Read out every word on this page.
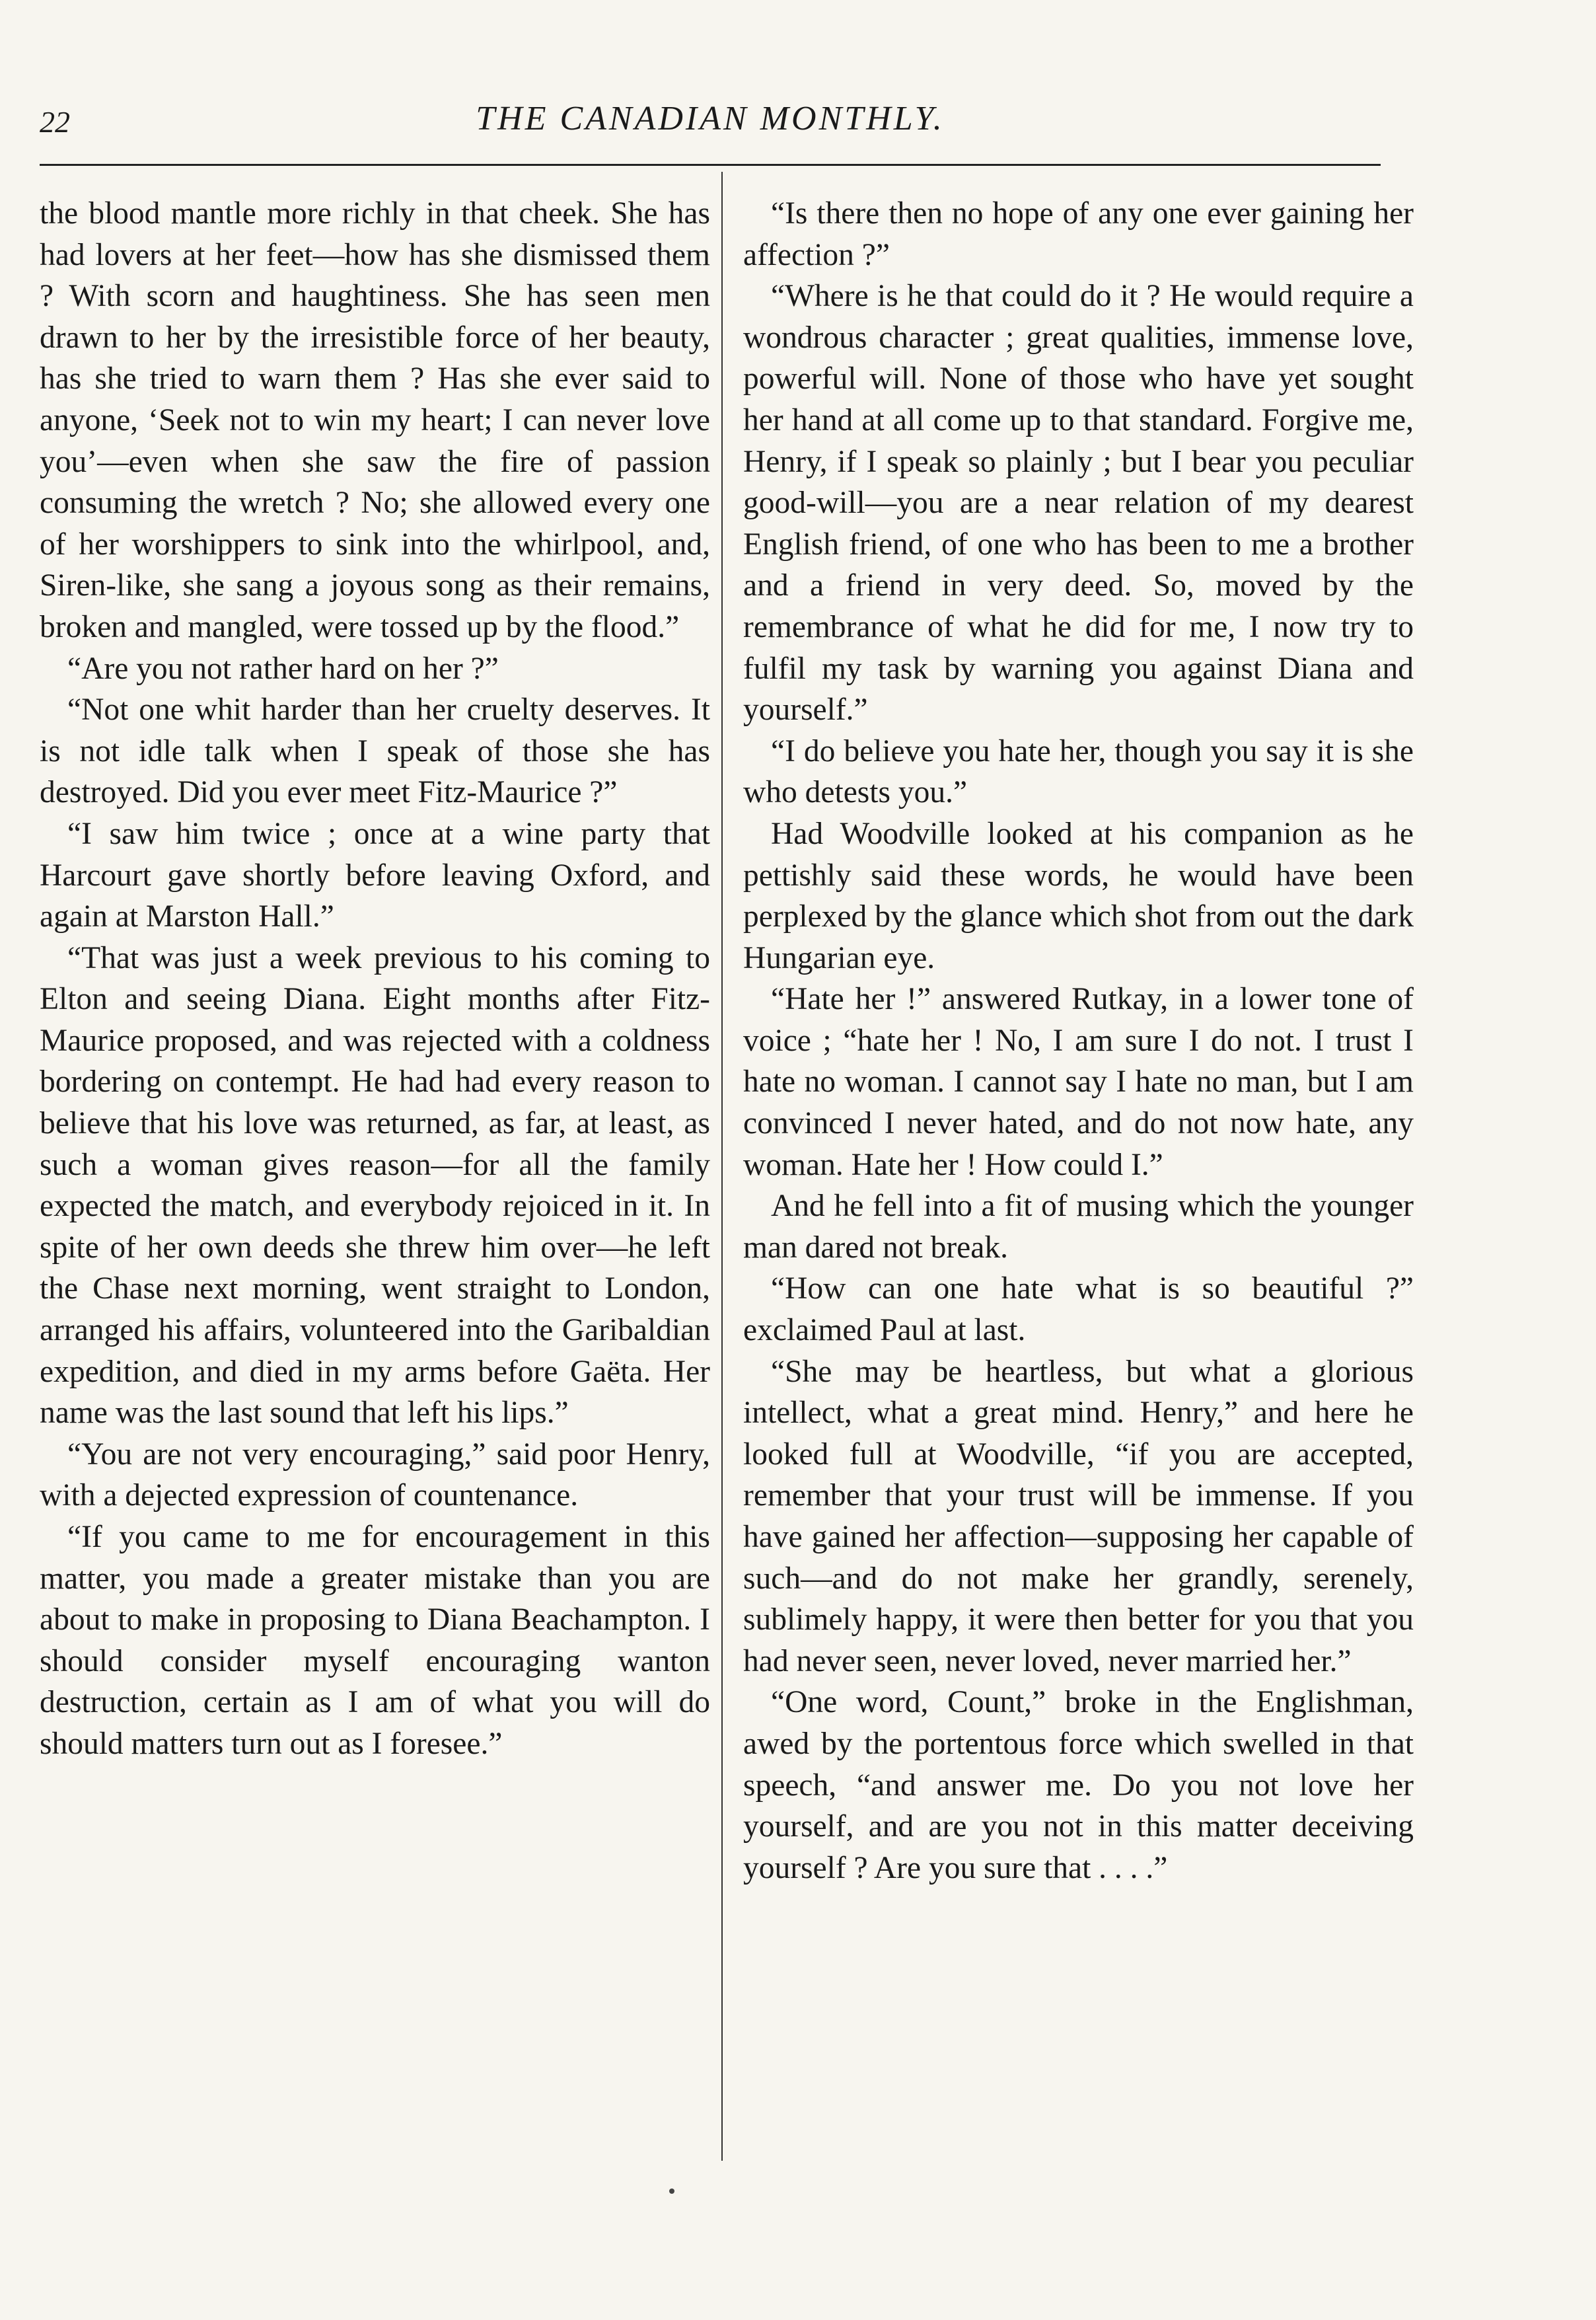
22	THE CANADIAN MONTHLY.

the blood mantle more richly in that cheek. She has had lovers at her feet—how has she dismissed them ? With scorn and haughtiness. She has seen men drawn to her by the irresistible force of her beauty, has she tried to warn them ? Has she ever said to anyone, ‘Seek not to win my heart; I can never love you’—even when she saw the fire of passion consuming the wretch ? No; she allowed every one of her worshippers to sink into the whirlpool, and, Siren-like, she sang a joyous song as their remains, broken and mangled, were tossed up by the flood.”

“Are you not rather hard on her ?”

“Not one whit harder than her cruelty deserves. It is not idle talk when I speak of those she has destroyed. Did you ever meet Fitz-Maurice ?”

“I saw him twice ; once at a wine party that Harcourt gave shortly before leaving Oxford, and again at Marston Hall.”

“That was just a week previous to his coming to Elton and seeing Diana. Eight months after Fitz-Maurice proposed, and was rejected with a coldness bordering on contempt. He had had every reason to believe that his love was returned, as far, at least, as such a woman gives reason—for all the family expected the match, and everybody rejoiced in it. In spite of her own deeds she threw him over—he left the Chase next morning, went straight to London, arranged his affairs, volunteered into the Garibaldian expedition, and died in my arms before Gaëta. Her name was the last sound that left his lips.”

“You are not very encouraging,” said poor Henry, with a dejected expression of countenance.

“If you came to me for encouragement in this matter, you made a greater mistake than you are about to make in proposing to Diana Beachampton. I should consider myself encouraging wanton destruction, certain as I am of what you will do should matters turn out as I foresee.”

“Is there then no hope of any one ever gaining her affection ?”

“Where is he that could do it ? He would require a wondrous character ; great qualities, immense love, powerful will. None of those who have yet sought her hand at all come up to that standard. Forgive me, Henry, if I speak so plainly ; but I bear you peculiar good-will—you are a near relation of my dearest English friend, of one who has been to me a brother and a friend in very deed. So, moved by the remembrance of what he did for me, I now try to fulfil my task by warning you against Diana and yourself.”

“I do believe you hate her, though you say it is she who detests you.”

Had Woodville looked at his companion as he pettishly said these words, he would have been perplexed by the glance which shot from out the dark Hungarian eye.

“Hate her !” answered Rutkay, in a lower tone of voice ; “hate her ! No, I am sure I do not. I trust I hate no woman. I cannot say I hate no man, but I am convinced I never hated, and do not now hate, any woman. Hate her ! How could I.”

And he fell into a fit of musing which the younger man dared not break.

“How can one hate what is so beautiful ?” exclaimed Paul at last.

“She may be heartless, but what a glorious intellect, what a great mind. Henry,” and here he looked full at Woodville, “if you are accepted, remember that your trust will be immense. If you have gained her affection—supposing her capable of such—and do not make her grandly, serenely, sublimely happy, it were then better for you that you had never seen, never loved, never married her.”

“One word, Count,” broke in the Englishman, awed by the portentous force which swelled in that speech, “and answer me. Do you not love her yourself, and are you not in this matter deceiving yourself ? Are you sure that . . . .”
